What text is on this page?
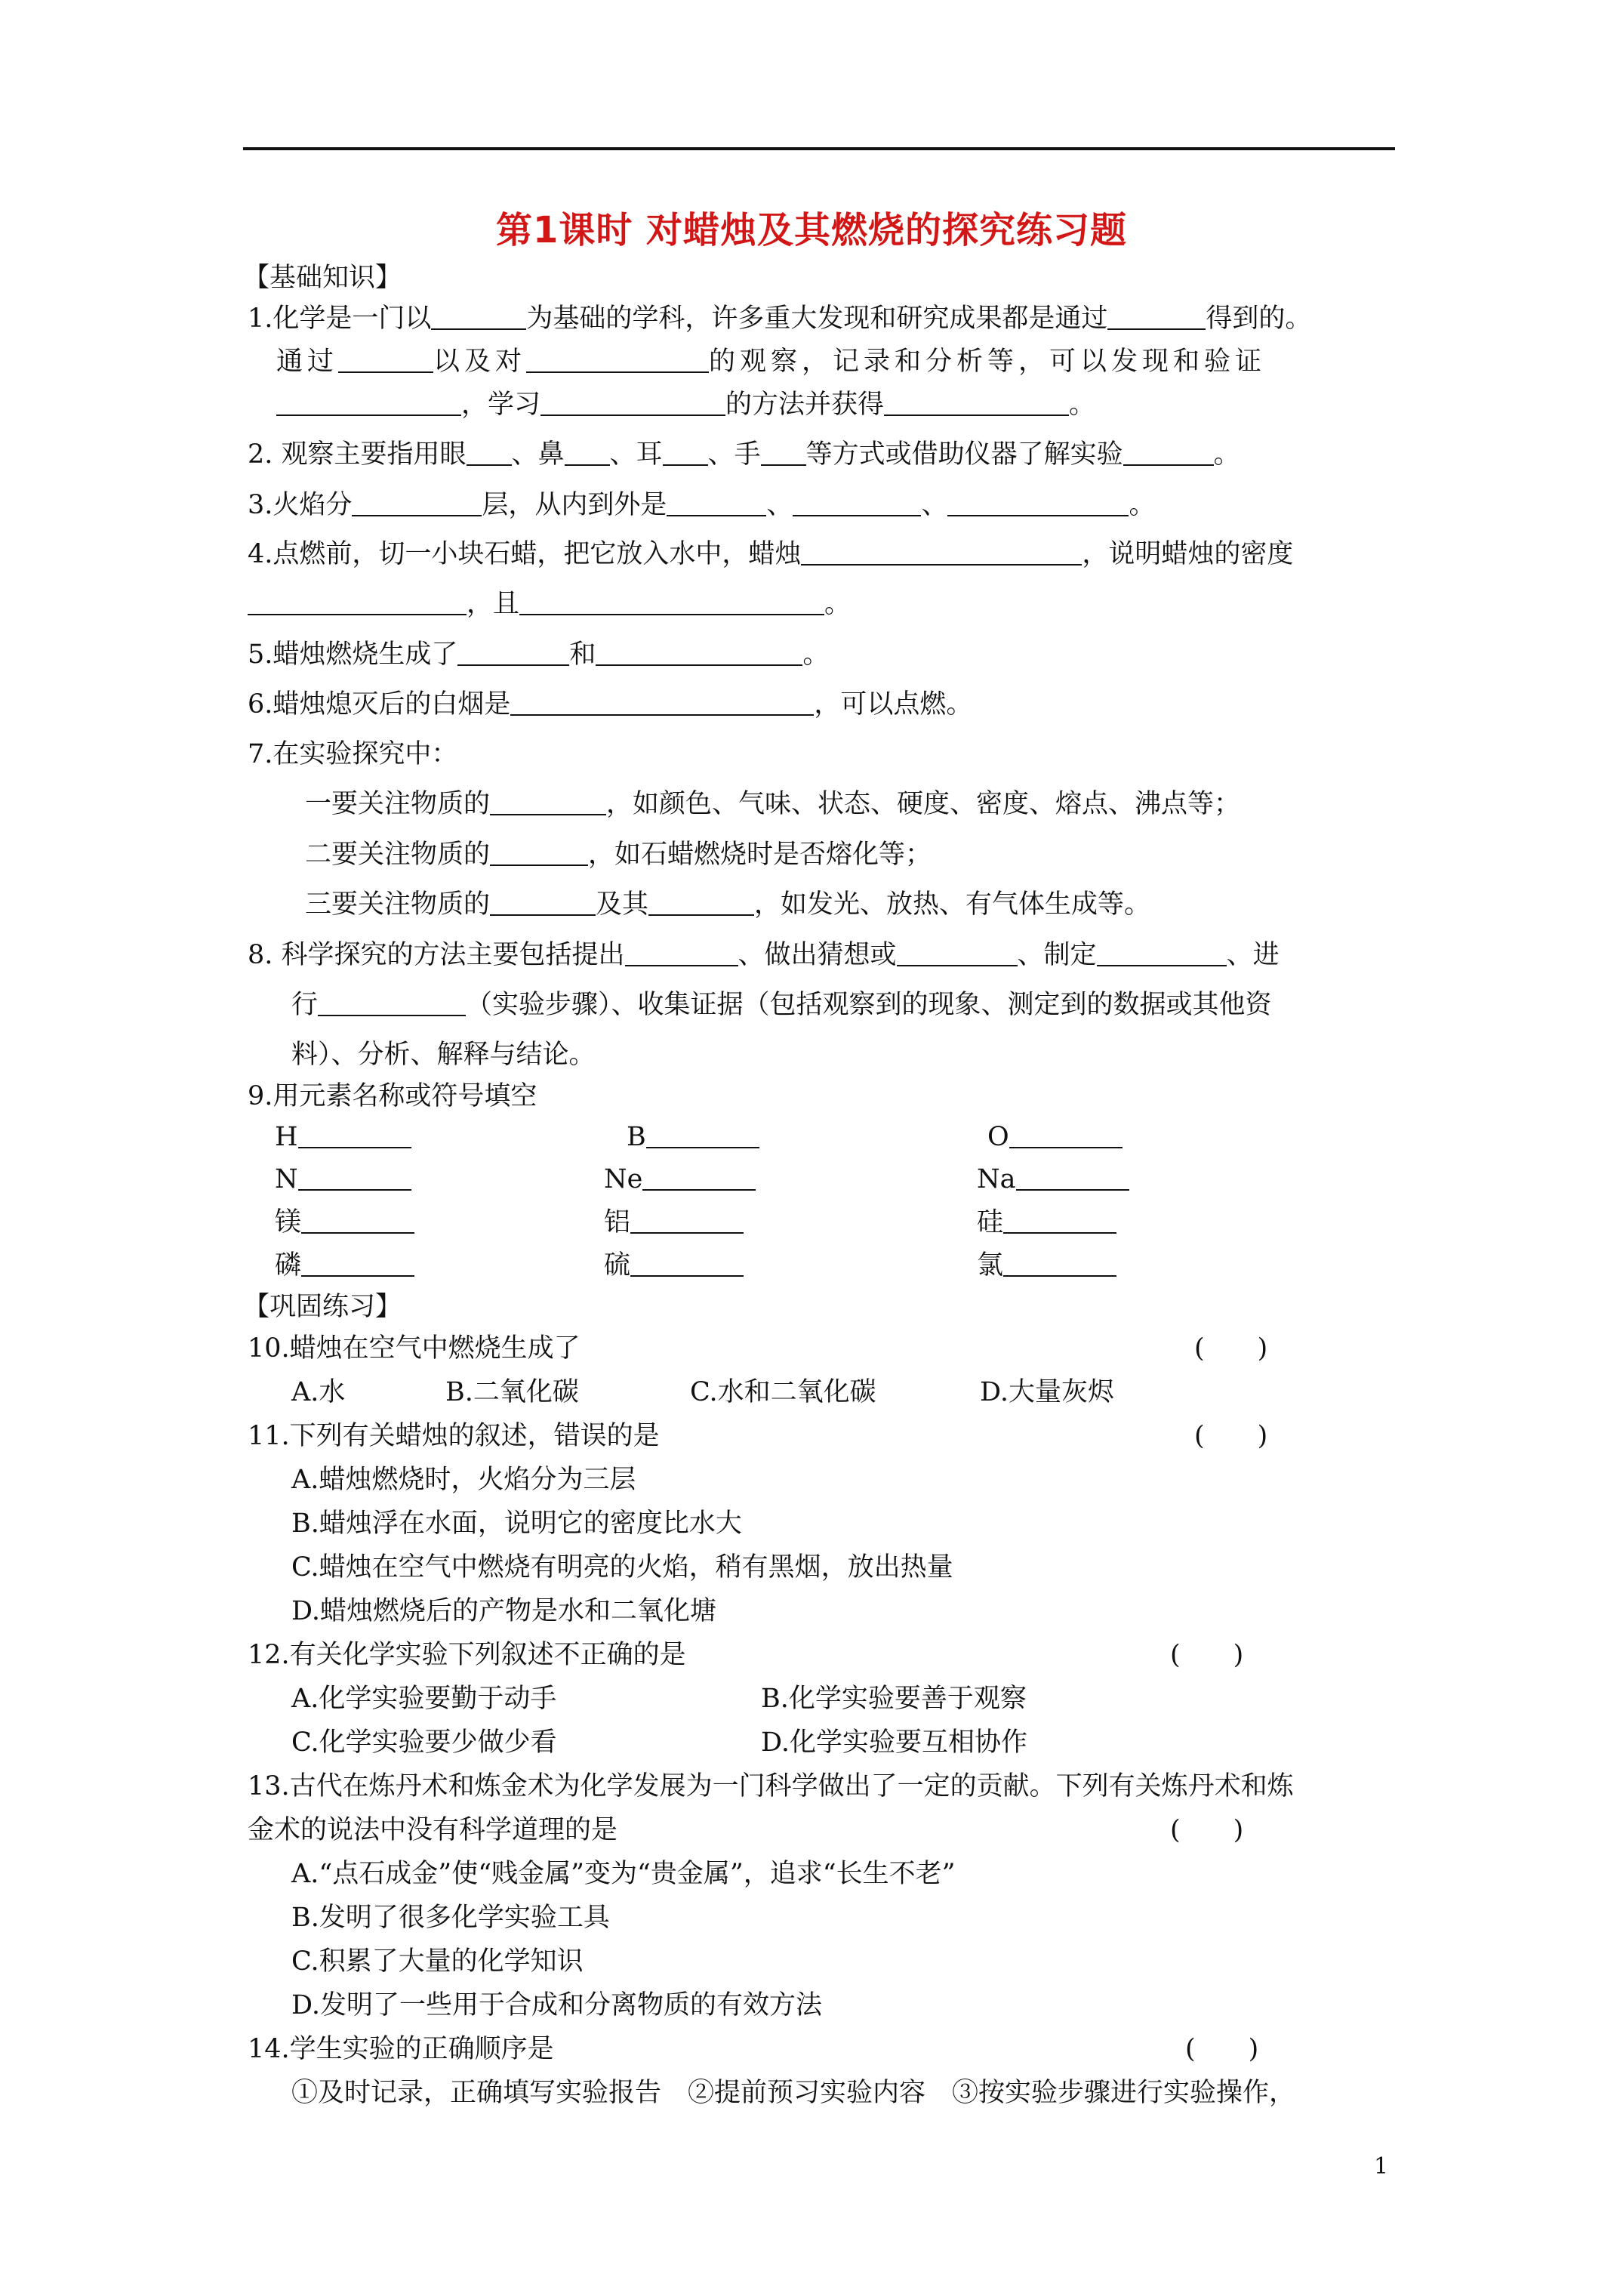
第1课时 对蜡烛及其燃烧的探究练习题
【基础知识】
1.化学是一门以	为基础的学科，许多重大发现和研究成果都是通过	得到的。
通过	以及对	的观察，记录和分析等，可以发现和验证
，学习	的方法并获得	。
2. 观察主要指用眼 、鼻 、耳 、手 等方式或借助仪器了解实验	。
3.火焰分	层，从内到外是	、	、	。
4.点燃前，切一小块石蜡，把它放入水中，蜡烛	，说明蜡烛的密度
，且	。
5.蜡烛燃烧生成了	和	。
6.蜡烛熄灭后的白烟是	，可以点燃。
7.在实验探究中：
一要关注物质的	，如颜色、气味、状态、硬度、密度、熔点、沸点等；
二要关注物质的	，如石蜡燃烧时是否熔化等；
三要关注物质的	及其	，如发光、放热、有气体生成等。
8. 科学探究的方法主要包括提出	、做出猜想或	、制定	、进
行	（实验步骤）、收集证据（包括观察到的现象、测定到的数据或其他资
料）、分析、解释与结论。
9.用元素名称或符号填空
H	B	O
N	Ne	Na
镁	铝	硅
磷	硫	氯
【巩固练习】
10.蜡烛在空气中燃烧生成了	(　　)
A.水	B.二氧化碳	C.水和二氧化碳	D.大量灰烬
11.下列有关蜡烛的叙述，错误的是	(　　)
A.蜡烛燃烧时，火焰分为三层
B.蜡烛浮在水面，说明它的密度比水大
C.蜡烛在空气中燃烧有明亮的火焰，稍有黑烟，放出热量
D.蜡烛燃烧后的产物是水和二氧化塘
12.有关化学实验下列叙述不正确的是	(　　)
A.化学实验要勤于动手	B.化学实验要善于观察
C.化学实验要少做少看	D.化学实验要互相协作
13.古代在炼丹术和炼金术为化学发展为一门科学做出了一定的贡献。下列有关炼丹术和炼
金术的说法中没有科学道理的是	(　　)
A.“点石成金”使“贱金属”变为“贵金属”，追求“长生不老”
B.发明了很多化学实验工具
C.积累了大量的化学知识
D.发明了一些用于合成和分离物质的有效方法
14.学生实验的正确顺序是	(　　)
①及时记录，正确填写实验报告　②提前预习实验内容　③按实验步骤进行实验操作，
1
